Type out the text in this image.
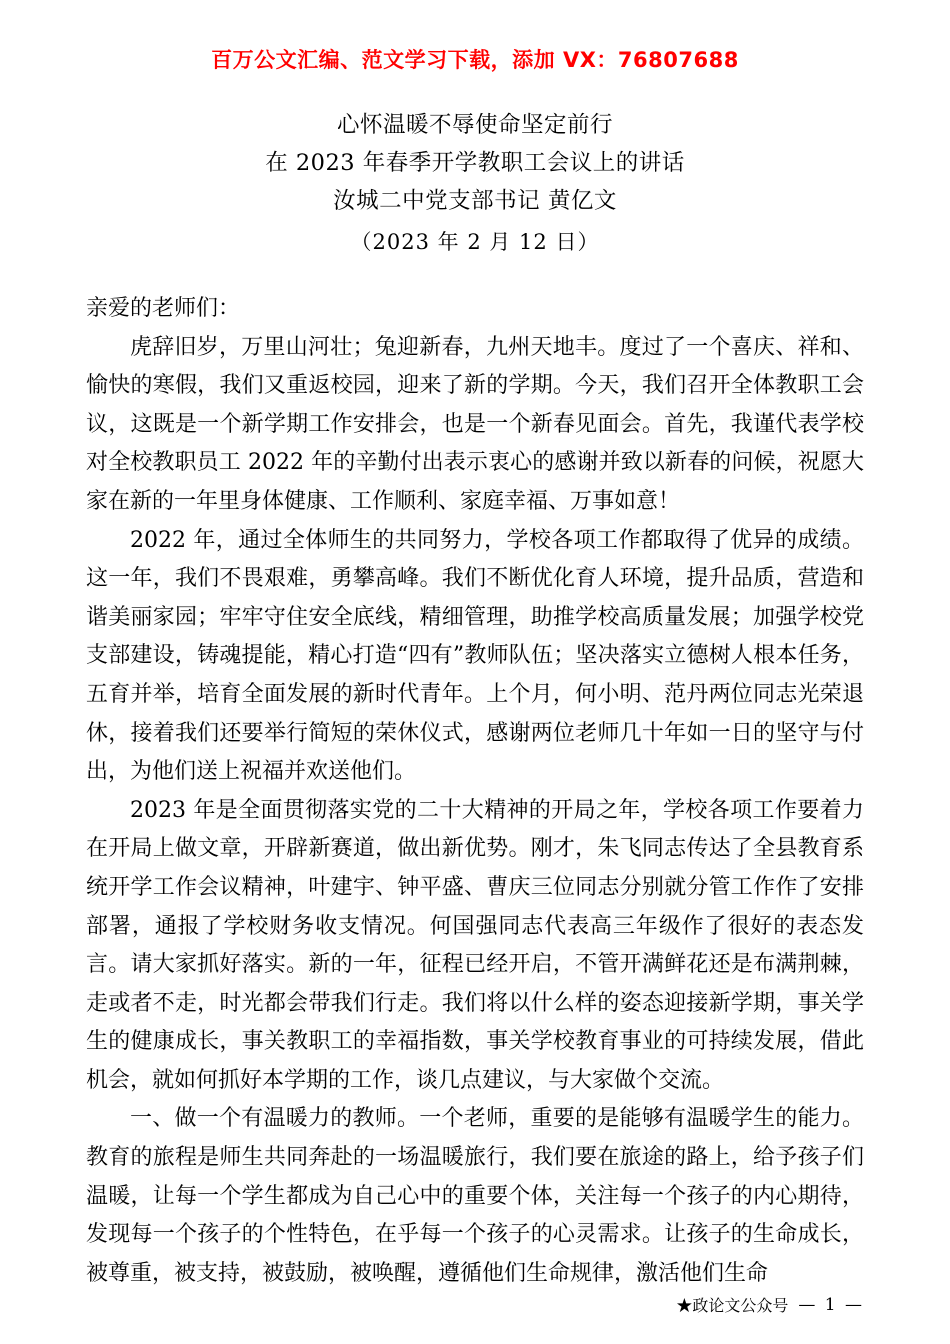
百万公文汇编、范文学习下载，添加 VX：76807688
心怀温暖不辱使命坚定前行
在 2023 年春季开学教职工会议上的讲话
汝城二中党支部书记 黄亿文
（2023 年 2 月 12 日）

亲爱的老师们：

虎辞旧岁，万里山河壮；兔迎新春，九州天地丰。度过了一个喜庆、祥和、愉快的寒假，我们又重返校园，迎来了新的学期。今天，我们召开全体教职工会议，这既是一个新学期工作安排会，也是一个新春见面会。首先，我谨代表学校对全校教职员工 2022 年的辛勤付出表示衷心的感谢并致以新春的问候，祝愿大家在新的一年里身体健康、工作顺利、家庭幸福、万事如意！

2022 年，通过全体师生的共同努力，学校各项工作都取得了优异的成绩。这一年，我们不畏艰难，勇攀高峰。我们不断优化育人环境，提升品质，营造和谐美丽家园；牢牢守住安全底线，精细管理，助推学校高质量发展；加强学校党支部建设，铸魂提能，精心打造“四有”教师队伍；坚决落实立德树人根本任务，五育并举，培育全面发展的新时代青年。上个月，何小明、范丹两位同志光荣退休，接着我们还要举行简短的荣休仪式，感谢两位老师几十年如一日的坚守与付出，为他们送上祝福并欢送他们。

2023 年是全面贯彻落实党的二十大精神的开局之年，学校各项工作要着力在开局上做文章，开辟新赛道，做出新优势。刚才，朱飞同志传达了全县教育系统开学工作会议精神，叶建宇、钟平盛、曹庆三位同志分别就分管工作作了安排部署，通报了学校财务收支情况。何国强同志代表高三年级作了很好的表态发言。请大家抓好落实。新的一年，征程已经开启，不管开满鲜花还是布满荆棘，走或者不走，时光都会带我们行走。我们将以什么样的姿态迎接新学期，事关学生的健康成长，事关教职工的幸福指数，事关学校教育事业的可持续发展，借此机会，就如何抓好本学期的工作，谈几点建议，与大家做个交流。

一、做一个有温暖力的教师。一个老师，重要的是能够有温暖学生的能力。教育的旅程是师生共同奔赴的一场温暖旅行，我们要在旅途的路上，给予孩子们温暖，让每一个学生都成为自己心中的重要个体，关注每一个孩子的内心期待，发现每一个孩子的个性特色，在乎每一个孩子的心灵需求。让孩子的生命成长，被尊重，被支持，被鼓励，被唤醒，遵循他们生命规律，激活他们生命

★政论文公众号 — 1 —
